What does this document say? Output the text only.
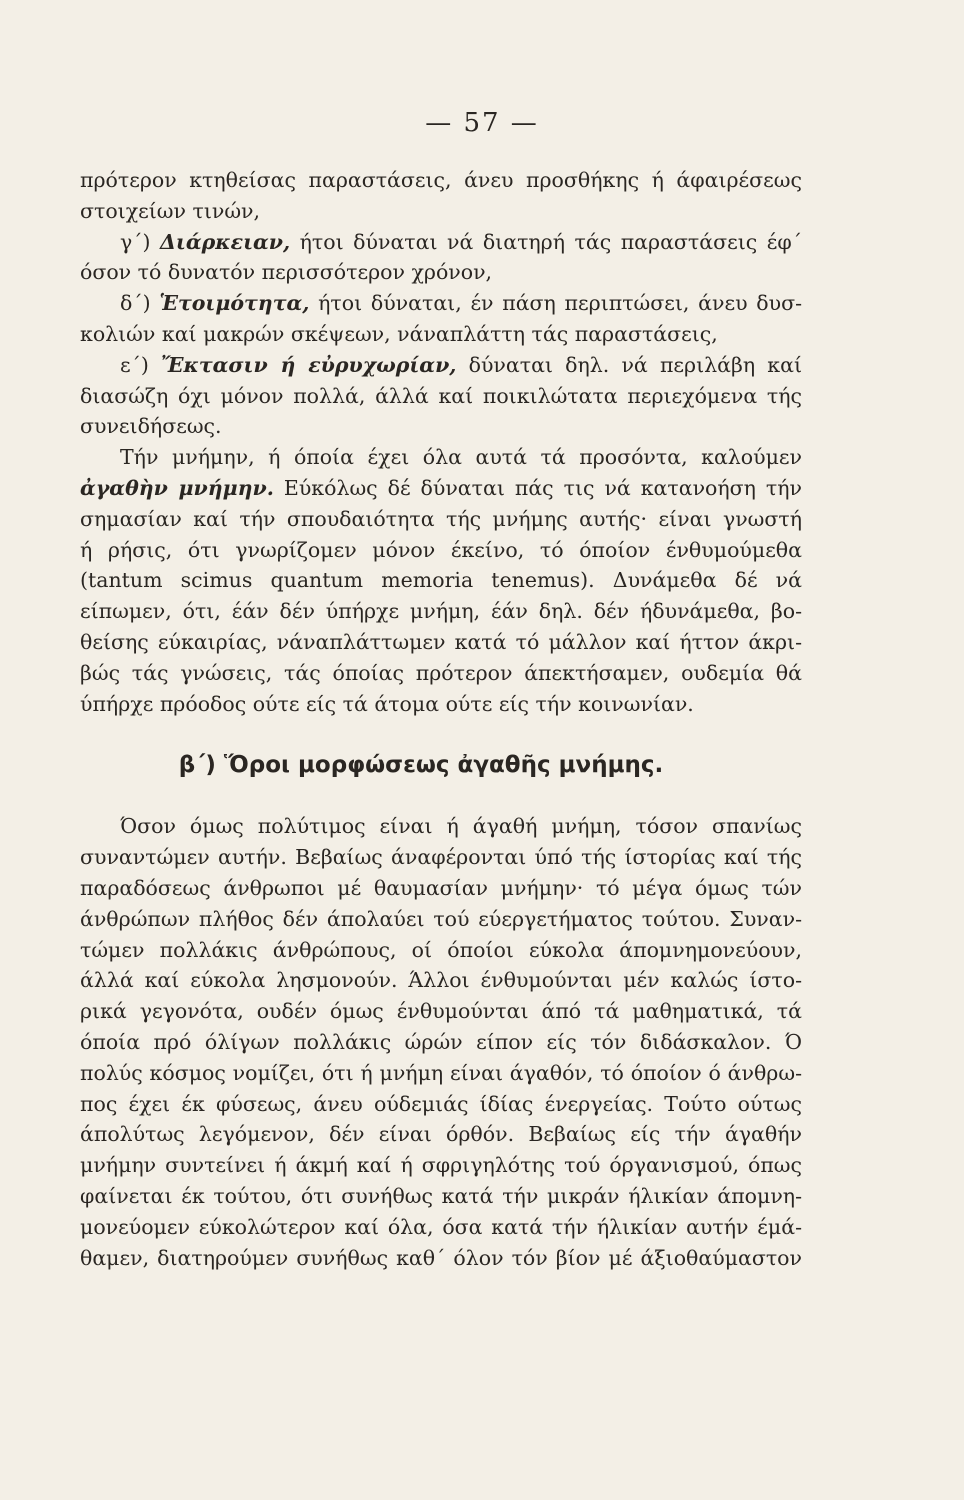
— 57 —
πρότερον κτηθείσας παραστάσεις, άνευ προσθήκης ή άφαιρέσεως
στοιχείων τινών,
γ΄) Διάρκειαν, ήτοι δύναται νά διατηρή τάς παραστάσεις έφ΄
όσον τό δυνατόν περισσότερον χρόνον,
δ΄) Ἑτοιμότητα, ήτοι δύναται, έν πάση περιπτώσει, άνευ δυσ-
κολιών καί μακρών σκέψεων, νάναπλάττη τάς παραστάσεις,
ε΄) Ἔκτασιν ή εὐρυχωρίαν, δύναται δηλ. νά περιλάβη καί
διασώζη όχι μόνον πολλά, άλλά καί ποικιλώτατα περιεχόμενα τής
συνειδήσεως.
Τήν μνήμην, ή όποία έχει όλα αυτά τά προσόντα, καλούμεν
ἀγαθὴν μνήμην. Εύκόλως δέ δύναται πάς τις νά κατανοήση τήν
σημασίαν καί τήν σπουδαιότητα τής μνήμης αυτής· είναι γνωστή
ή ρήσις, ότι γνωρίζομεν μόνον έκείνο, τό όποίον ένθυμούμεθα
(tantum scimus quantum memoria tenemus). Δυνάμεθα δέ νά
είπωμεν, ότι, έάν δέν ύπήρχε μνήμη, έάν δηλ. δέν ήδυνάμεθα, βο-
θείσης εύκαιρίας, νάναπλάττωμεν κατά τό μάλλον καί ήττον άκρι-
βώς τάς γνώσεις, τάς όποίας πρότερον άπεκτήσαμεν, ουδεμία θά
ύπήρχε πρόοδος ούτε είς τά άτομα ούτε είς τήν κοινωνίαν.
β΄) Ὅροι μορφώσεως ἀγαθῆς μνήμης.
Όσον όμως πολύτιμος είναι ή άγαθή μνήμη, τόσον σπανίως
συναντώμεν αυτήν. Βεβαίως άναφέρονται ύπό τής ίστορίας καί τής
παραδόσεως άνθρωποι μέ θαυμασίαν μνήμην· τό μέγα όμως τών
άνθρώπων πλήθος δέν άπολαύει τού εύεργετήματος τούτου. Συναν-
τώμεν πολλάκις άνθρώπους, οί όποίοι εύκολα άπομνημονεύουν,
άλλά καί εύκολα λησμονούν. Άλλοι ένθυμούνται μέν καλώς ίστο-
ρικά γεγονότα, ουδέν όμως ένθυμούνται άπό τά μαθηματικά, τά
όποία πρό όλίγων πολλάκις ώρών είπον είς τόν διδάσκαλον. Ό
πολύς κόσμος νομίζει, ότι ή μνήμη είναι άγαθόν, τό όποίον ό άνθρω-
πος έχει έκ φύσεως, άνευ ούδεμιάς ίδίας ένεργείας. Τούτο ούτως
άπολύτως λεγόμενον, δέν είναι όρθόν. Βεβαίως είς τήν άγαθήν
μνήμην συντείνει ή άκμή καί ή σφριγηλότης τού όργανισμού, όπως
φαίνεται έκ τούτου, ότι συνήθως κατά τήν μικράν ήλικίαν άπομνη-
μονεύομεν εύκολώτερον καί όλα, όσα κατά τήν ήλικίαν αυτήν έμά-
θαμεν, διατηρούμεν συνήθως καθ΄ όλον τόν βίον μέ άξιοθαύμαστον
